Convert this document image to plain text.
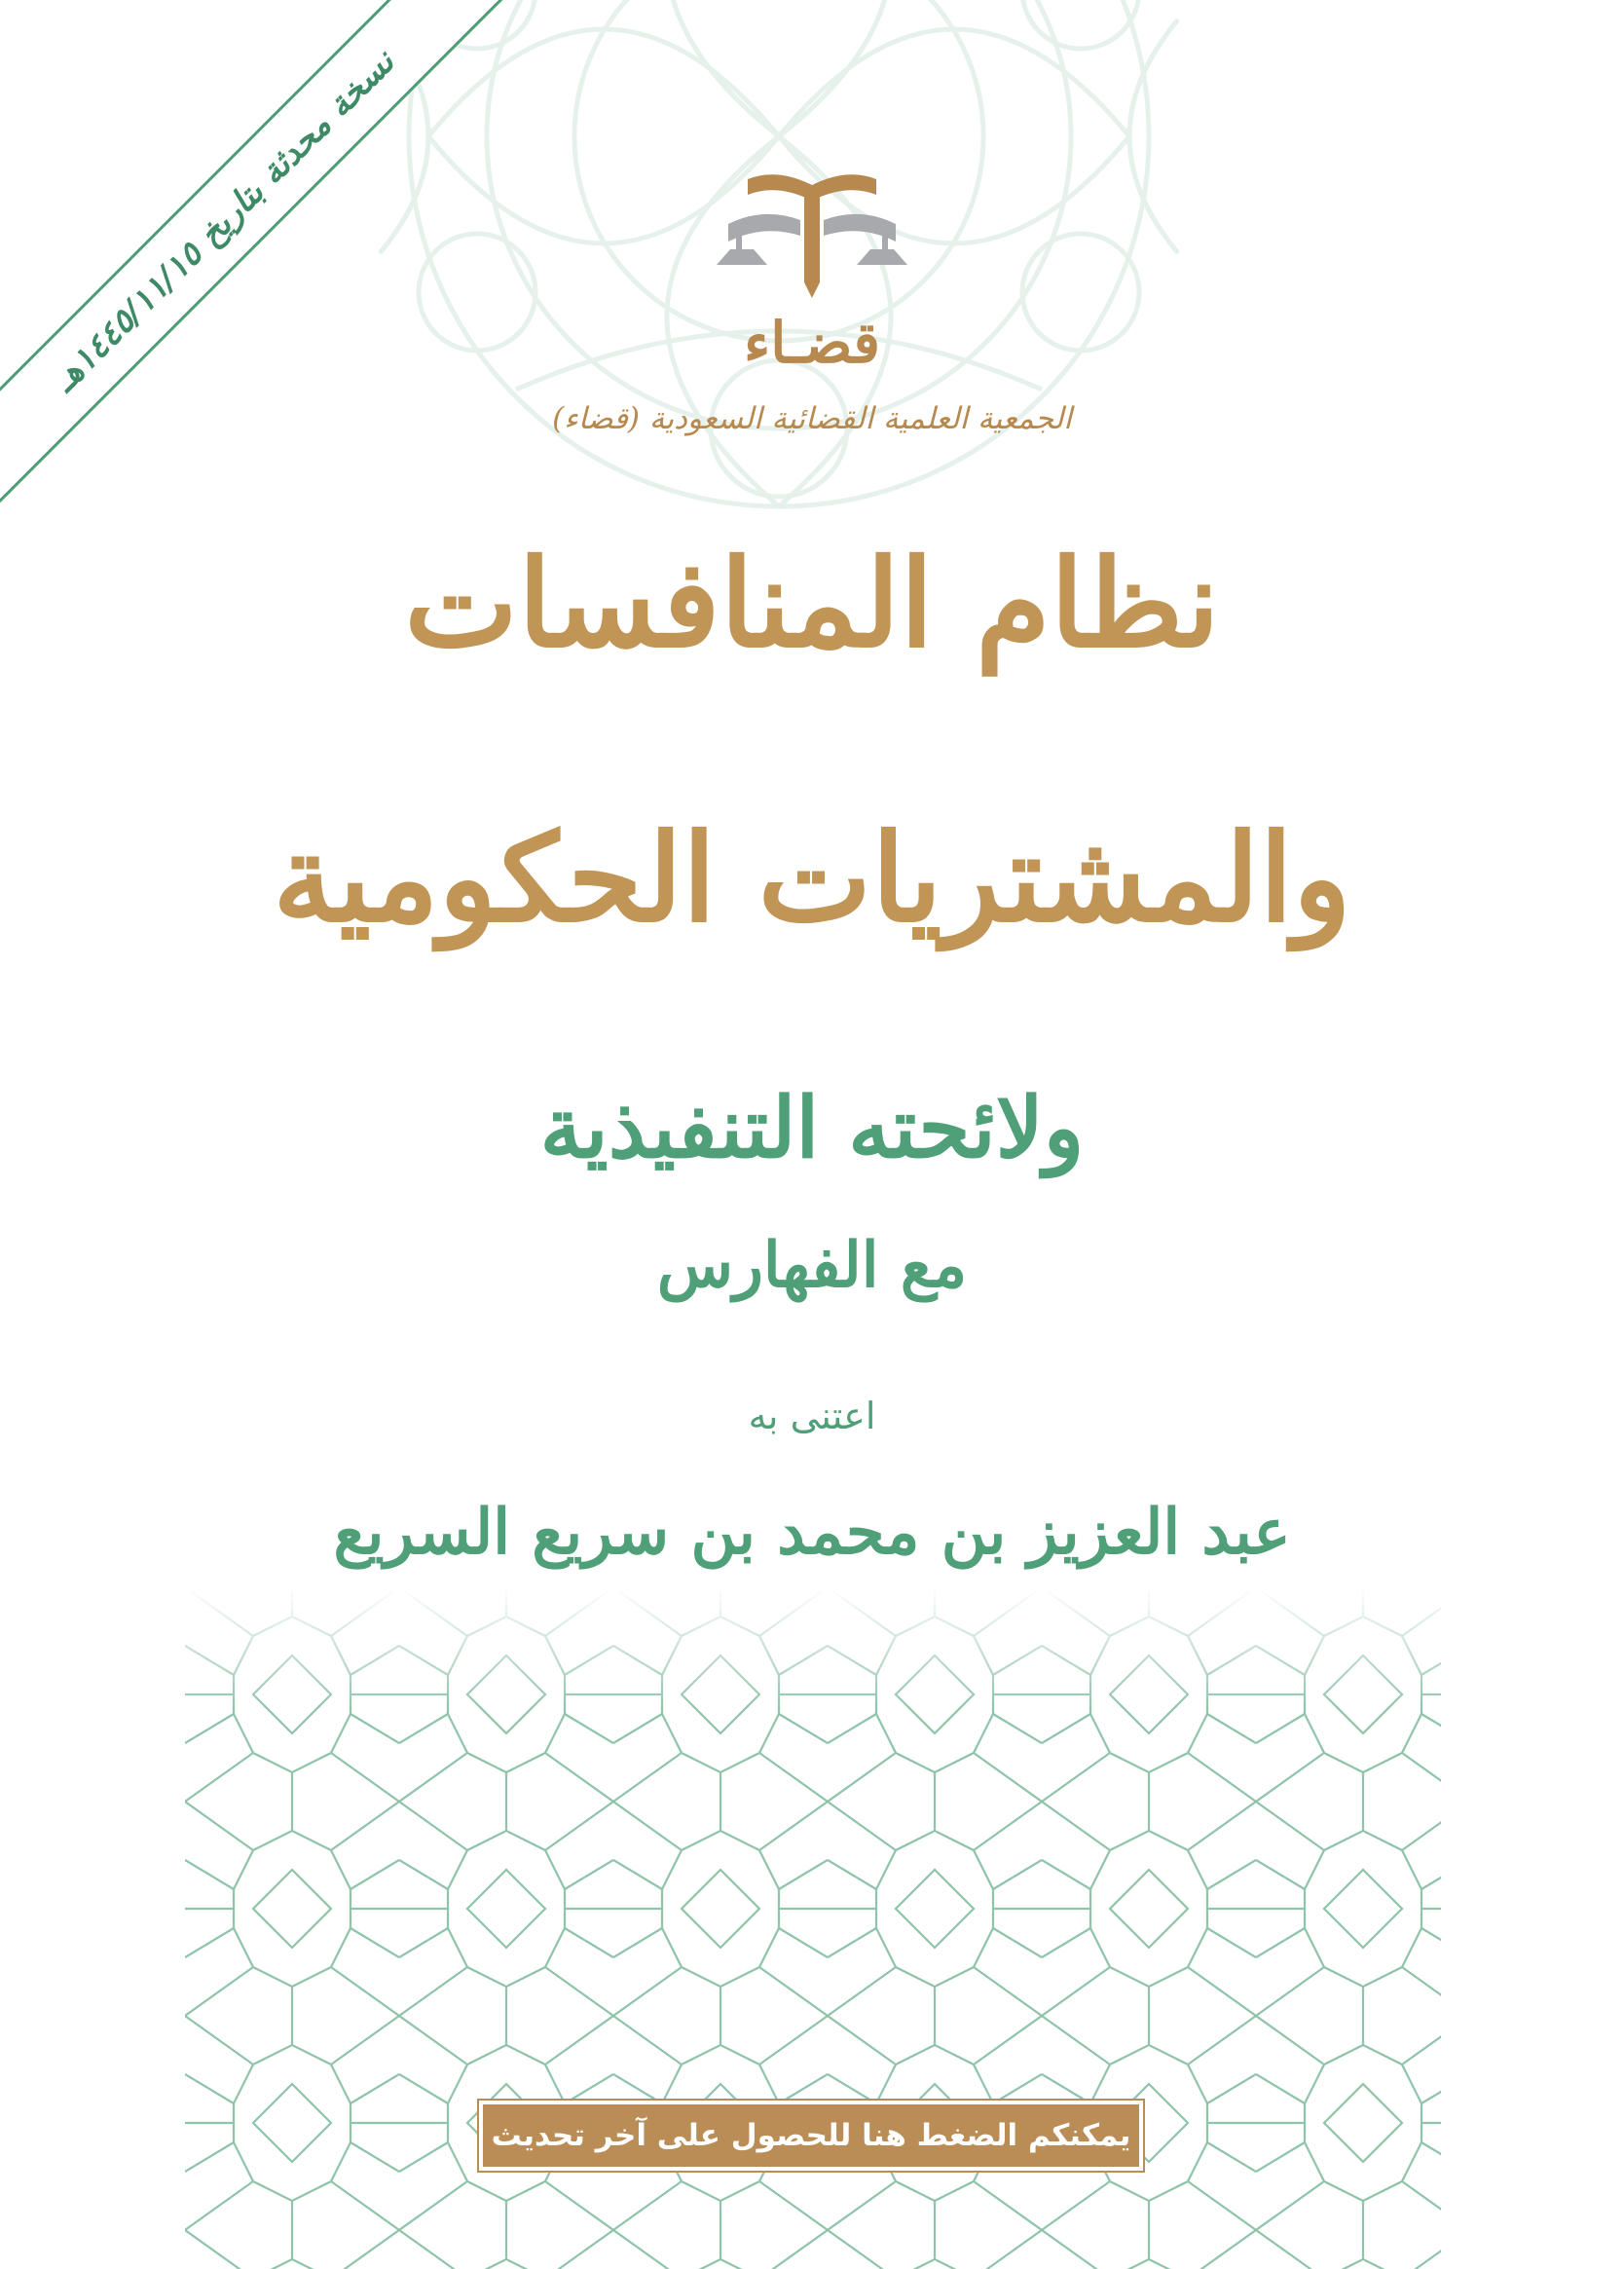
نسخة محدثة بتاريخ ١٤٤٥/١١/١٥هـ
قضـاء
الجمعية العلمية القضائية السعودية (قضاء)
نظام المنافسات
والمشتريات الحكومية
ولائحته التنفيذية
مع الفهارس
اعتنى به
عبد العزيز بن محمد بن سريع السريع
يمكنكم الضغط هنا للحصول على آخر تحديث
